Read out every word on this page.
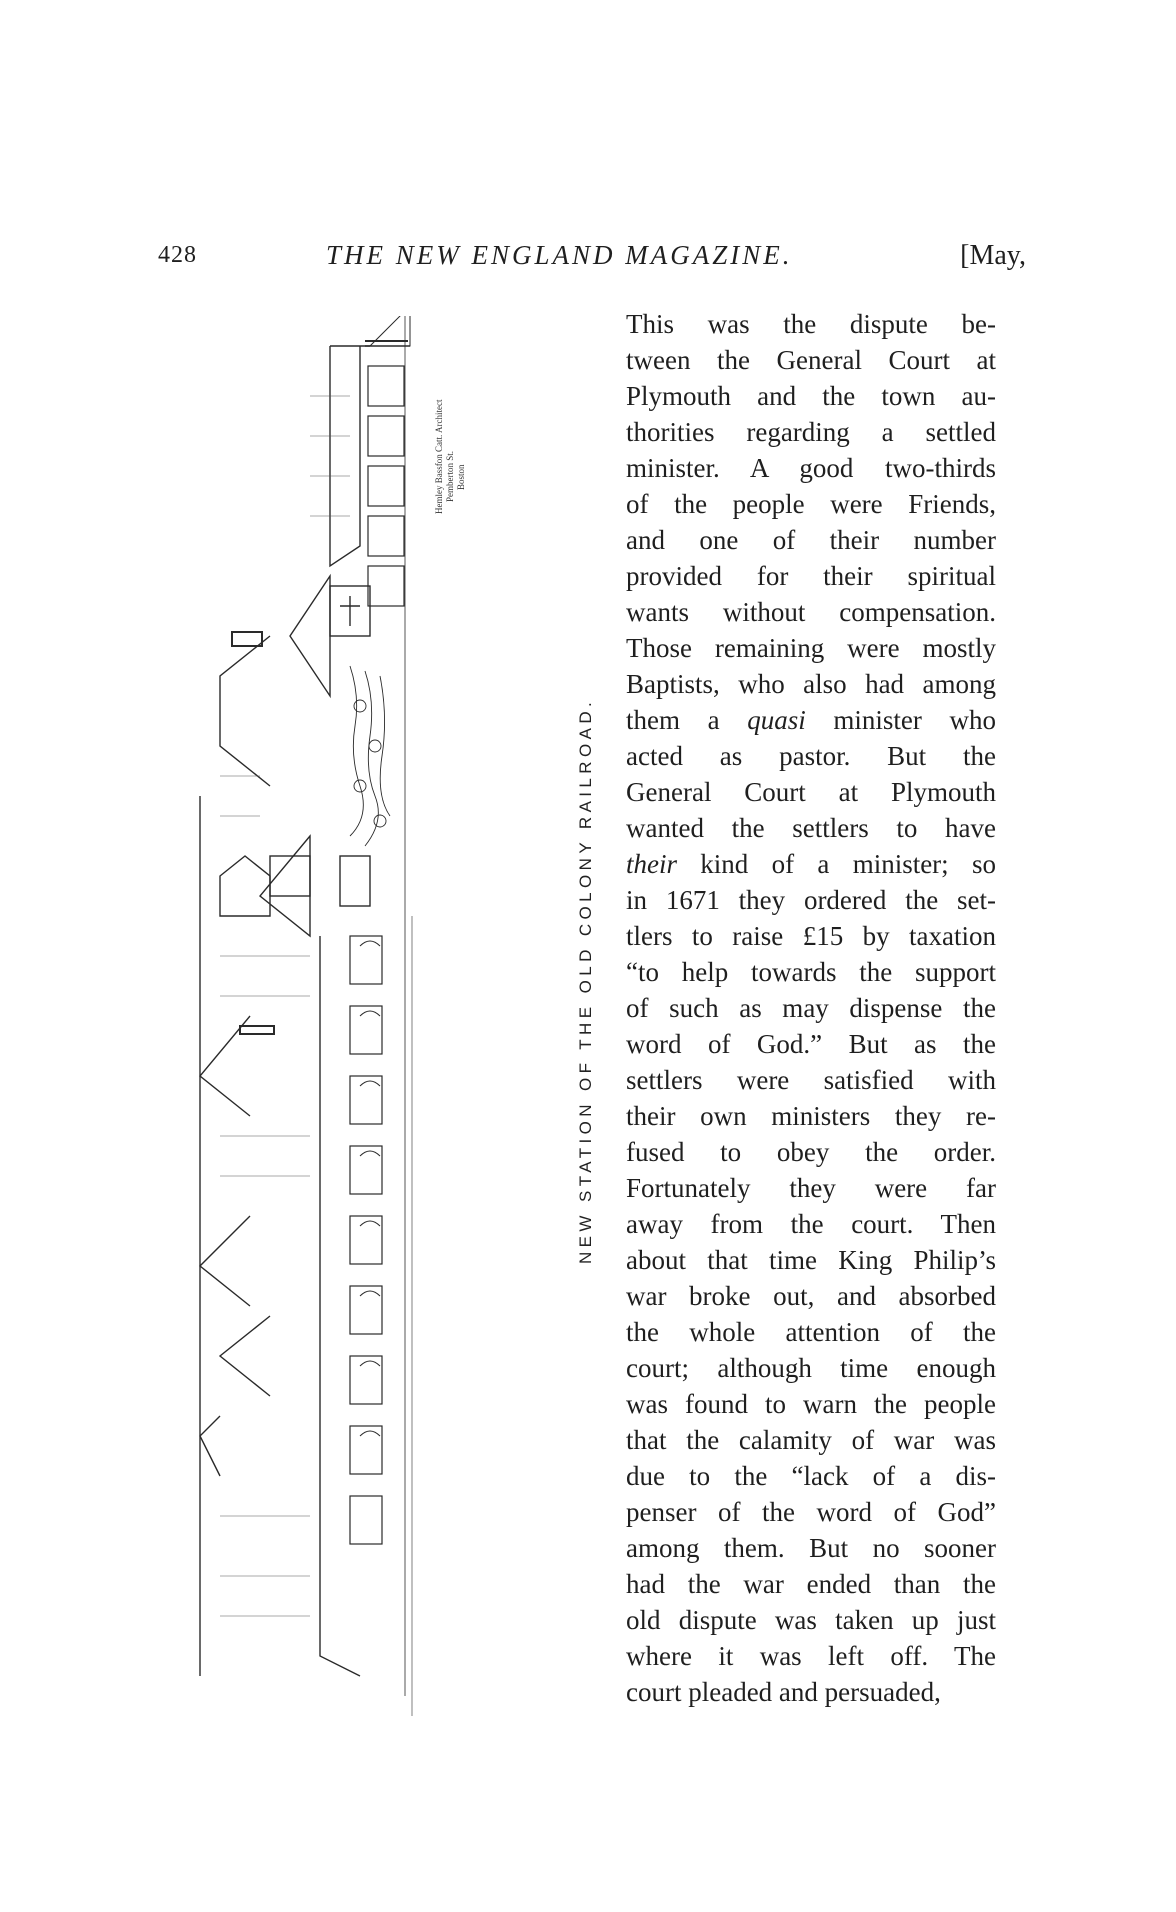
428	THE NEW ENGLAND MAGAZINE.	[May,
Hemley Bassfon Catt. Architect Pemberton St. Boston
NEW STATION OF THE OLD COLONY RAILROAD.
This was the dispute be-
tween the General Court at
Plymouth and the town au-
thorities regarding a settled
minister. A good two-thirds
of the people were Friends,
and one of their number
provided for their spiritual
wants without compensation.
Those remaining were mostly
Baptists, who also had among
them a quasi minister who
acted as pastor. But the
General Court at Plymouth
wanted the settlers to have
their kind of a minister; so
in 1671 they ordered the set-
tlers to raise £15 by taxation
“to help towards the support
of such as may dispense the
word of God.” But as the
settlers were satisfied with
their own ministers they re-
fused to obey the order.
Fortunately they were far
away from the court. Then
about that time King Philip’s
war broke out, and absorbed
the whole attention of the
court; although time enough
was found to warn the people
that the calamity of war was
due to the “lack of a dis-
penser of the word of God”
among them. But no sooner
had the war ended than the
old dispute was taken up just
where it was left off. The
court pleaded and persuaded,
